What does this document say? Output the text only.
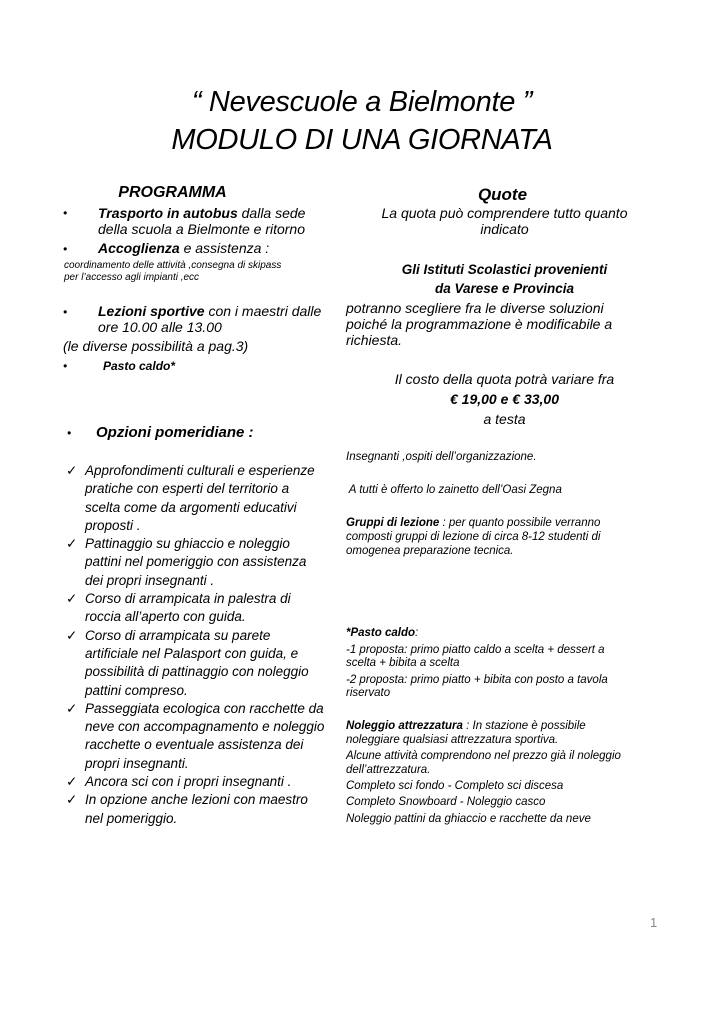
“ Nevescuole a Bielmonte ”
MODULO DI UNA GIORNATA
PROGRAMMA
• Trasporto in autobus dalla sede
della scuola a Bielmonte e ritorno
• Accoglienza e assistenza :
coordinamento delle attività ,consegna di skipass
per l’accesso agli impianti ,ecc
• Lezioni sportive con i maestri dalle
ore 10.00 alle 13.00
(le diverse possibilità a pag.3)
•	Pasto caldo*
• Opzioni pomeridiane :
✓ Approfondimenti culturali e esperienze
pratiche con esperti del territorio a
scelta come da argomenti educativi
proposti .
✓ Pattinaggio su ghiaccio e noleggio
pattini nel pomeriggio con assistenza
dei propri insegnanti .
✓ Corso di arrampicata in palestra di
roccia all’aperto con guida.
✓ Corso di arrampicata su parete
artificiale nel Palasport con guida, e
possibilità di pattinaggio con noleggio
pattini compreso.
✓ Passeggiata ecologica con racchette da
neve con accompagnamento e noleggio
racchette o eventuale assistenza dei
propri insegnanti.
✓ Ancora sci con i propri insegnanti .
✓ In opzione anche lezioni con maestro
nel pomeriggio.
Quote
La quota può comprendere tutto quanto
indicato
Gli Istituti Scolastici provenienti
da Varese e Provincia
potranno scegliere fra le diverse soluzioni
poiché la programmazione è modificabile a
richiesta.
Il costo della quota potrà variare fra
€ 19,00 e € 33,00
a testa
Insegnanti ,ospiti dell’organizzazione.
A tutti è offerto lo zainetto dell’Oasi Zegna
Gruppi di lezione : per quanto possibile verranno
composti gruppi di lezione di circa 8-12 studenti di
omogenea preparazione tecnica.
*Pasto caldo:
-1 proposta: primo piatto caldo a scelta + dessert a
scelta + bibita a scelta
-2 proposta: primo piatto + bibita con posto a tavola
riservato
Noleggio attrezzatura : In stazione è possibile
noleggiare qualsiasi attrezzatura sportiva.
Alcune attività comprendono nel prezzo già il noleggio
dell’attrezzatura.
Completo sci fondo - Completo sci discesa
Completo Snowboard - Noleggio casco
Noleggio pattini da ghiaccio e racchette da neve
1
